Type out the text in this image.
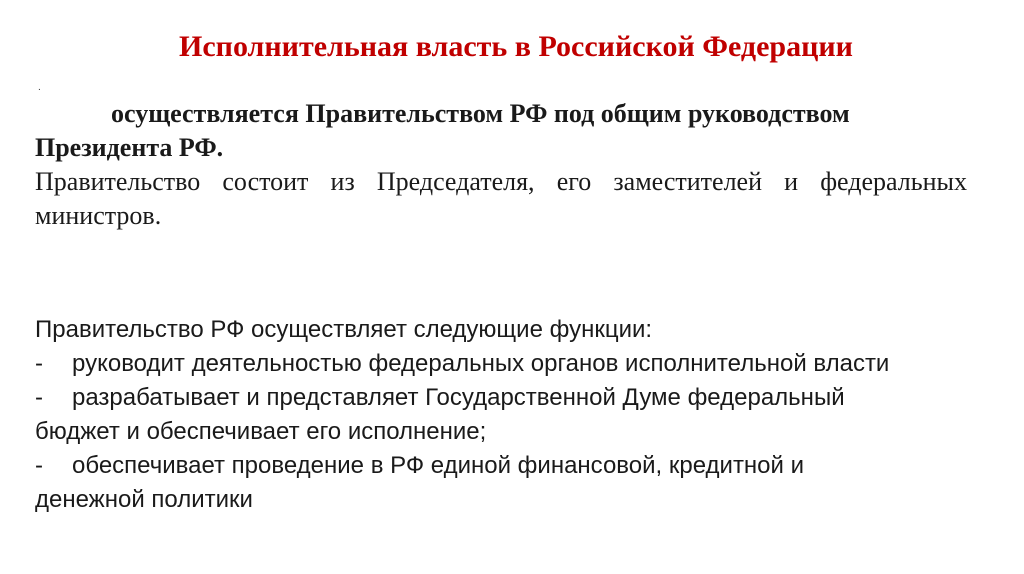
Исполнительная власть в Российской Федерации
.

осуществляется Правительством РФ под общим руководством Президента РФ.

Правительство состоит из Председателя, его заместителей и федеральных министров.

Правительство РФ осуществляет следующие функции:

-	руководит деятельностью федеральных органов исполнительной власти
-	разрабатывает и представляет Государственной Думе федеральный
бюджет и обеспечивает его исполнение;
-	обеспечивает проведение в РФ единой финансовой, кредитной и
денежной политики
